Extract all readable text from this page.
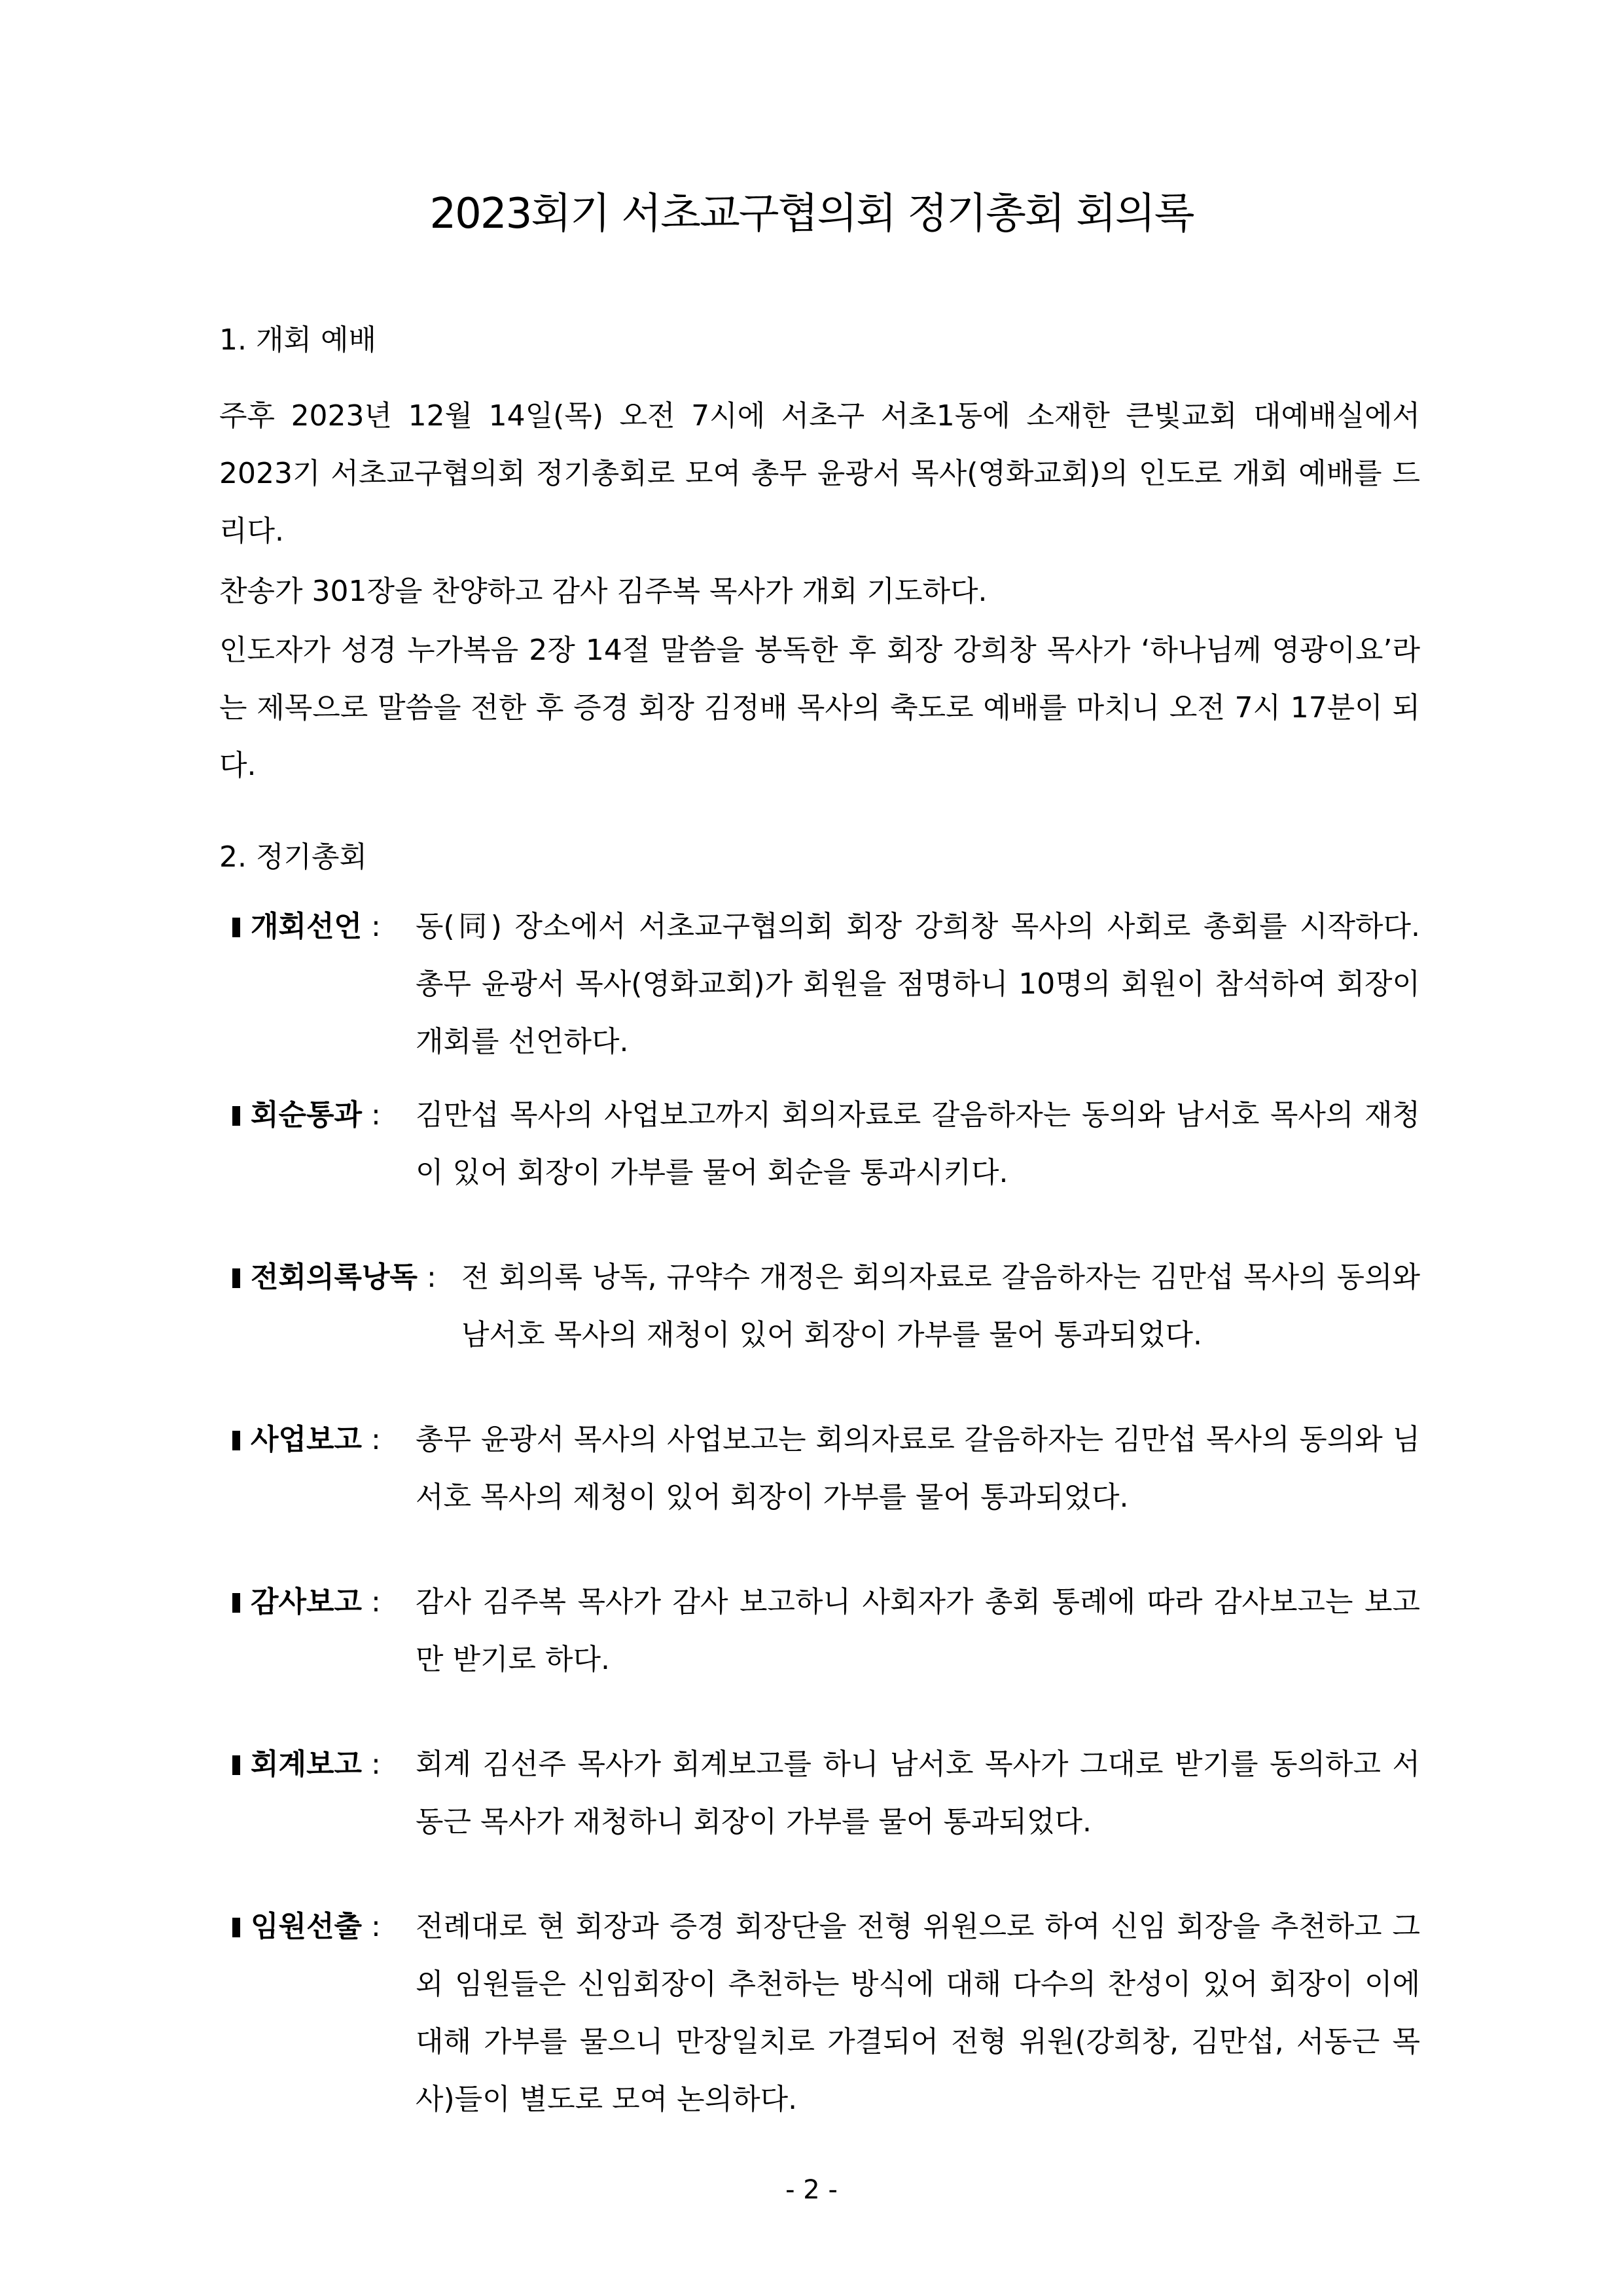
2023회기 서초교구협의회 정기총회 회의록
1. 개회 예배
주후 2023년 12월 14일(목) 오전 7시에 서초구 서초1동에 소재한 큰빛교회 대예배실에서 2023기 서초교구협의회 정기총회로 모여 총무 윤광서 목사(영화교회)의 인도로 개회 예배를 드리다.
찬송가 301장을 찬양하고 감사 김주복 목사가 개회 기도하다.
인도자가 성경 누가복음 2장 14절 말씀을 봉독한 후 회장 강희창 목사가 ‘하나님께 영광이요’라는 제목으로 말씀을 전한 후 증경 회장 김정배 목사의 축도로 예배를 마치니 오전 7시 17분이 되다.
2. 정기총회
개회선언 : 동(同) 장소에서 서초교구협의회 회장 강희창 목사의 사회로 총회를 시작하다. 총무 윤광서 목사(영화교회)가 회원을 점명하니 10명의 회원이 참석하여 회장이 개회를 선언하다.
회순통과 : 김만섭 목사의 사업보고까지 회의자료로 갈음하자는 동의와 남서호 목사의 재청이 있어 회장이 가부를 물어 회순을 통과시키다.
전회의록낭독 : 전 회의록 낭독, 규약수 개정은 회의자료로 갈음하자는 김만섭 목사의 동의와 남서호 목사의 재청이 있어 회장이 가부를 물어 통과되었다.
사업보고 : 총무 윤광서 목사의 사업보고는 회의자료로 갈음하자는 김만섭 목사의 동의와 님서호 목사의 제청이 있어 회장이 가부를 물어 통과되었다.
감사보고 : 감사 김주복 목사가 감사 보고하니 사회자가 총회 통례에 따라 감사보고는 보고만 받기로 하다.
회계보고 : 회계 김선주 목사가 회계보고를 하니 남서호 목사가 그대로 받기를 동의하고 서동근 목사가 재청하니 회장이 가부를 물어 통과되었다.
임원선출 : 전례대로 현 회장과 증경 회장단을 전형 위원으로 하여 신임 회장을 추천하고 그 외 임원들은 신임회장이 추천하는 방식에 대해 다수의 찬성이 있어 회장이 이에 대해 가부를 물으니 만장일치로 가결되어 전형 위원(강희창, 김만섭, 서동근 목사)들이 별도로 모여 논의하다.
- 2 -
